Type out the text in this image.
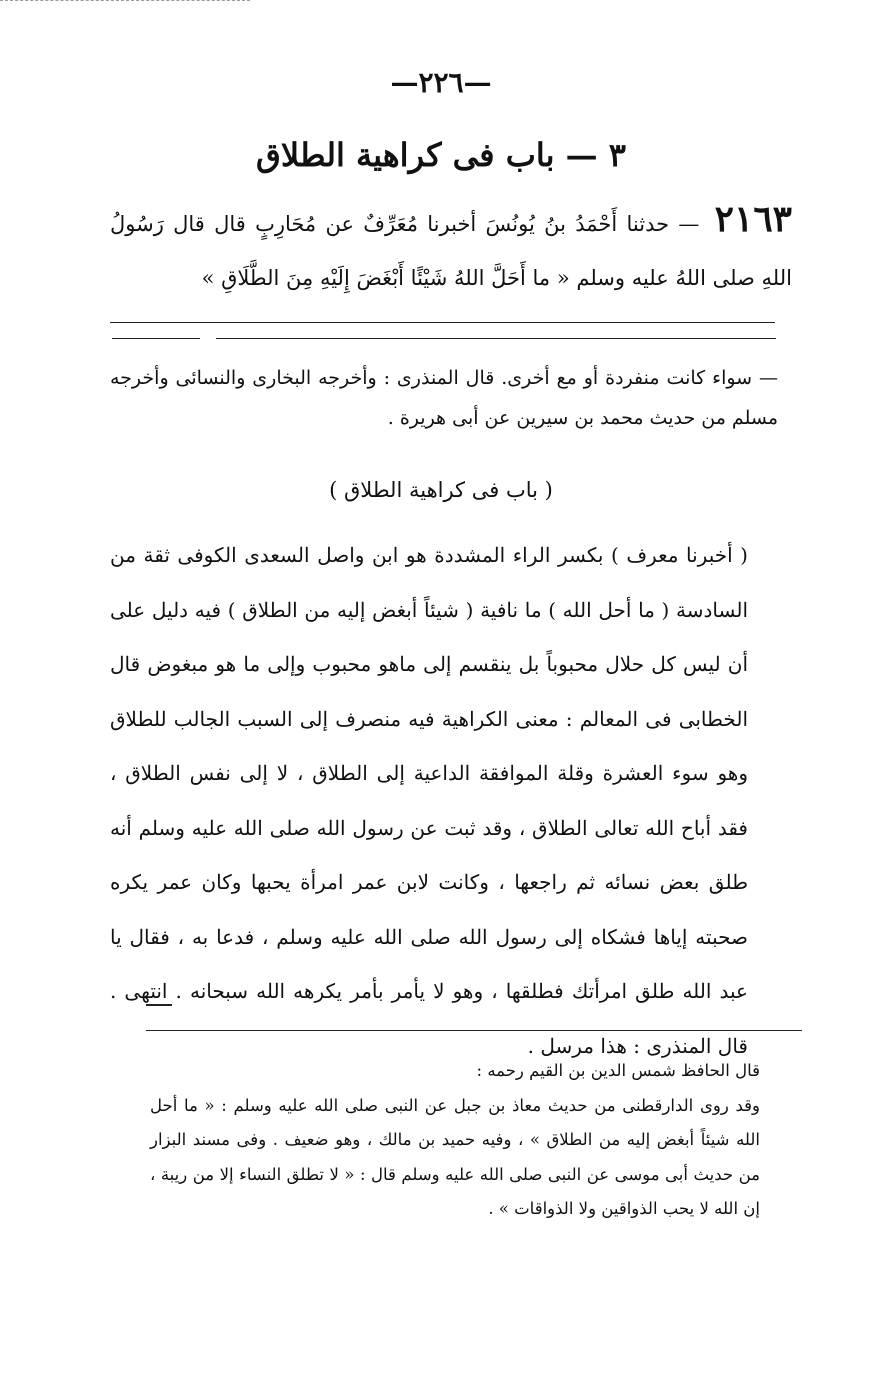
—٢٢٦—
٣ — باب فى كراهية الطلاق
٢١٦٣ — حدثنا أَحْمَدُ بنُ يُونُسَ أخبرنا مُعَرِّفٌ عن مُحَارِبٍ قال قال رَسُولُ اللهِ صلى اللهُ عليه وسلم « ما أَحَلَّ اللهُ شَيْئًا أَبْغَضَ إِلَيْهِ مِنَ الطَّلَاقِ »

— سواء كانت منفردة أو مع أخرى. قال المنذرى : وأخرجه البخارى والنسائى وأخرجه مسلم من حديث محمد بن سيرين عن أبى هريرة .

( باب فى كراهية الطلاق )

( أخبرنا معرف ) بكسر الراء المشددة هو ابن واصل السعدى الكوفى ثقة من السادسة ( ما أحل الله ) ما نافية ( شيئاً أبغض إليه من الطلاق ) فيه دليل على أن ليس كل حلال محبوباً بل ينقسم إلى ماهو محبوب وإلى ما هو مبغوض قال الخطابى فى المعالم : معنى الكراهية فيه منصرف إلى السبب الجالب للطلاق وهو سوء العشرة وقلة الموافقة الداعية إلى الطلاق ، لا إلى نفس الطلاق ، فقد أباح الله تعالى الطلاق ، وقد ثبت عن رسول الله صلى الله عليه وسلم أنه طلق بعض نسائه ثم راجعها ، وكانت لابن عمر امرأة يحبها وكان عمر يكره صحبته إياها فشكاه إلى رسول الله صلى الله عليه وسلم ، فدعا به ، فقال يا عبد الله طلق امرأتك فطلقها ، وهو لا يأمر بأمر يكرهه الله سبحانه . انتهى . قال المنذرى : هذا مرسل .

قال الحافظ شمس الدين بن القيم رحمه :

وقد روى الدارقطنى من حديث معاذ بن جبل عن النبى صلى الله عليه وسلم : « ما أحل الله شيئاً أبغض إليه من الطلاق » ، وفيه حميد بن مالك ، وهو ضعيف . وفى مسند البزار من حديث أبى موسى عن النبى صلى الله عليه وسلم قال : « لا تطلق النساء إلا من ريبة ، إن الله لا يحب الذواقين ولا الذواقات » .
